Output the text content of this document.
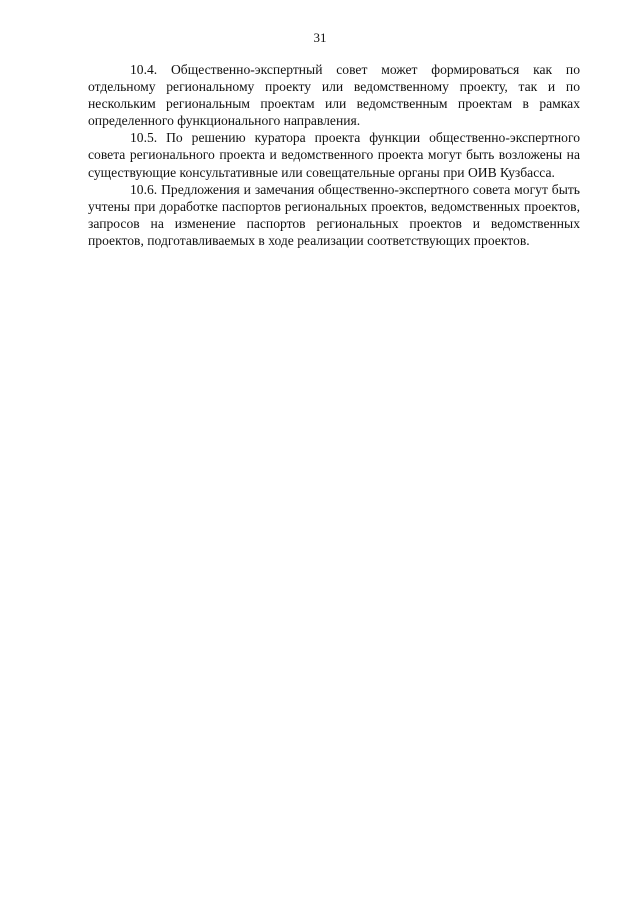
31

10.4. Общественно-экспертный совет может формироваться как по отдельному региональному проекту или ведомственному проекту, так и по нескольким региональным проектам или ведомственным проектам в рамках определенного функционального направления.

10.5. По решению куратора проекта функции общественно-экспертного совета регионального проекта и ведомственного проекта могут быть возложены на существующие консультативные или совещательные органы при ОИВ Кузбасса.

10.6. Предложения и замечания общественно-экспертного совета могут быть учтены при доработке паспортов региональных проектов, ведомственных проектов, запросов на изменение паспортов региональных проектов и ведомственных проектов, подготавливаемых в ходе реализации соответствующих проектов.
